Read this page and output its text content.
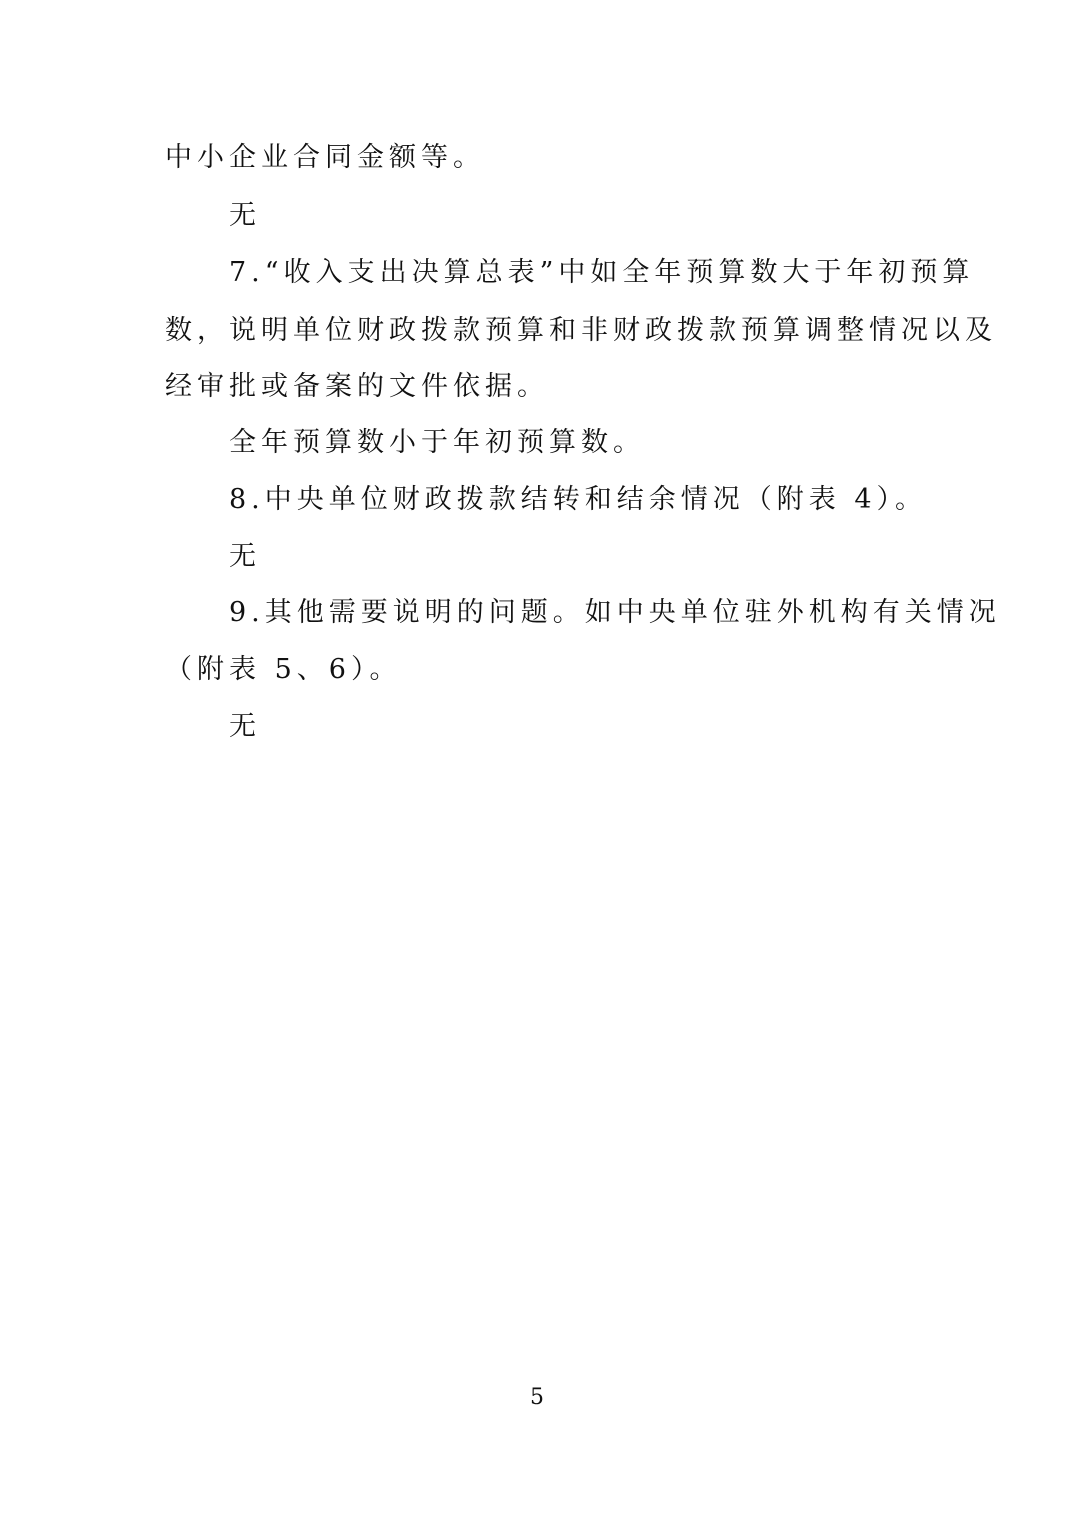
中小企业合同金额等。
无
7.“收入支出决算总表”中如全年预算数大于年初预算
数，说明单位财政拨款预算和非财政拨款预算调整情况以及
经审批或备案的文件依据。
全年预算数小于年初预算数。
8.中央单位财政拨款结转和结余情况（附表 4）。
无
9.其他需要说明的问题。如中央单位驻外机构有关情况
（附表 5、6）。
无
5
